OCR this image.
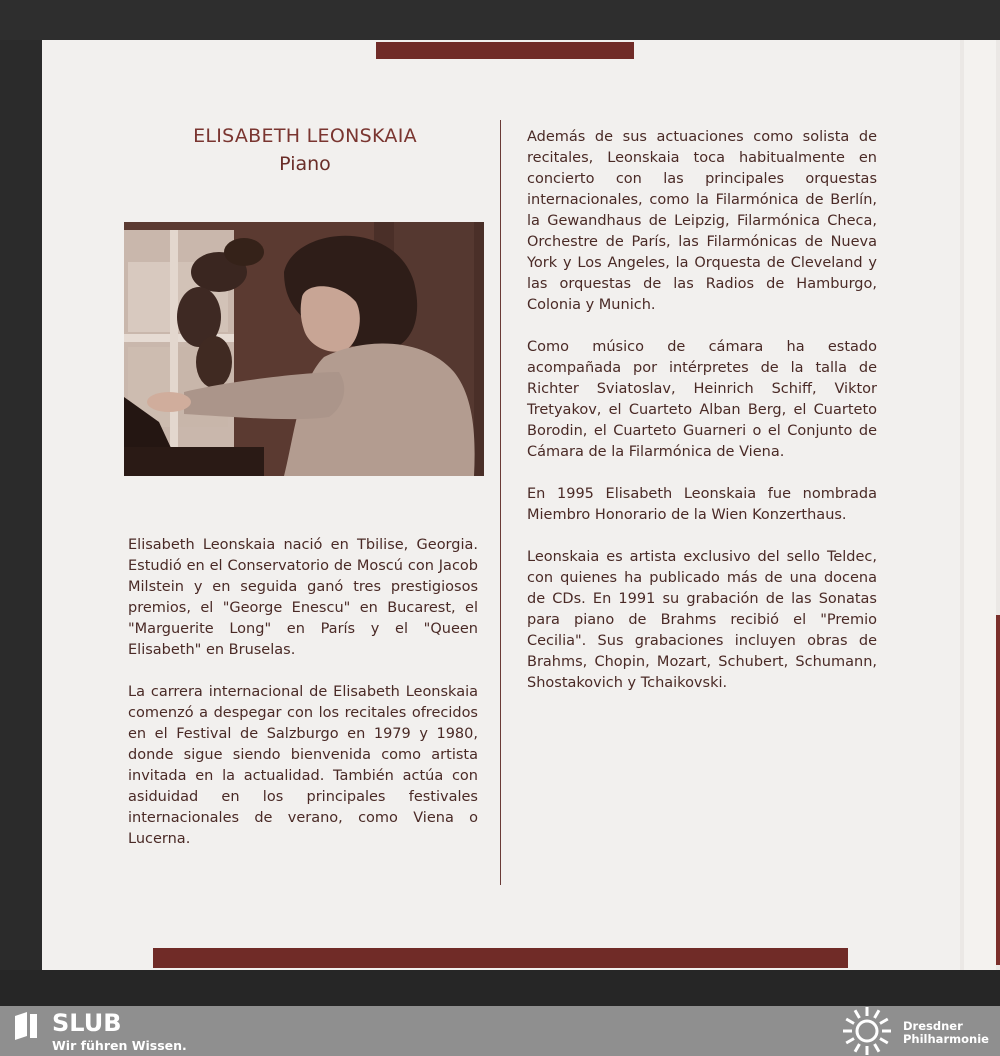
ELISABETH LEONSKAIA
Piano

Elisabeth Leonskaia nació en Tbilise, Georgia. Estudió en el Conservatorio de Moscú con Jacob Milstein y en seguida ganó tres prestigiosos premios, el "George Enescu" en Bucarest, el "Marguerite Long" en París y el "Queen Elisabeth" en Bruselas.

La carrera internacional de Elisabeth Leonskaia comenzó a despegar con los recitales ofrecidos en el Festival de Salzburgo en 1979 y 1980, donde sigue siendo bienvenida como artista invitada en la actualidad. También actúa con asiduidad en los principales festivales internacionales de verano, como Viena o Lucerna.

Además de sus actuaciones como solista de recitales, Leonskaia toca habitualmente en concierto con las principales orquestas internacionales, como la Filarmónica de Berlín, la Gewandhaus de Leipzig, Filarmónica Checa, Orchestre de París, las Filarmónicas de Nueva York y Los Angeles, la Orquesta de Cleveland y las orquestas de las Radios de Hamburgo, Colonia y Munich.

Como músico de cámara ha estado acompañada por intérpretes de la talla de Richter Sviatoslav, Heinrich Schiff, Viktor Tretyakov, el Cuarteto Alban Berg, el Cuarteto Borodin, el Cuarteto Guarneri o el Conjunto de Cámara de la Filarmónica de Viena.

En 1995 Elisabeth Leonskaia fue nombrada Miembro Honorario de la Wien Konzerthaus.

Leonskaia es artista exclusivo del sello Teldec, con quienes ha publicado más de una docena de CDs. En 1991 su grabación de las Sonatas para piano de Brahms recibió el "Premio Cecilia". Sus grabaciones incluyen obras de Brahms, Chopin, Mozart, Schubert, Schumann, Shostakovich y Tchaikovski.

SLUB
Wir führen Wissen.
Dresdner
Philharmonie
